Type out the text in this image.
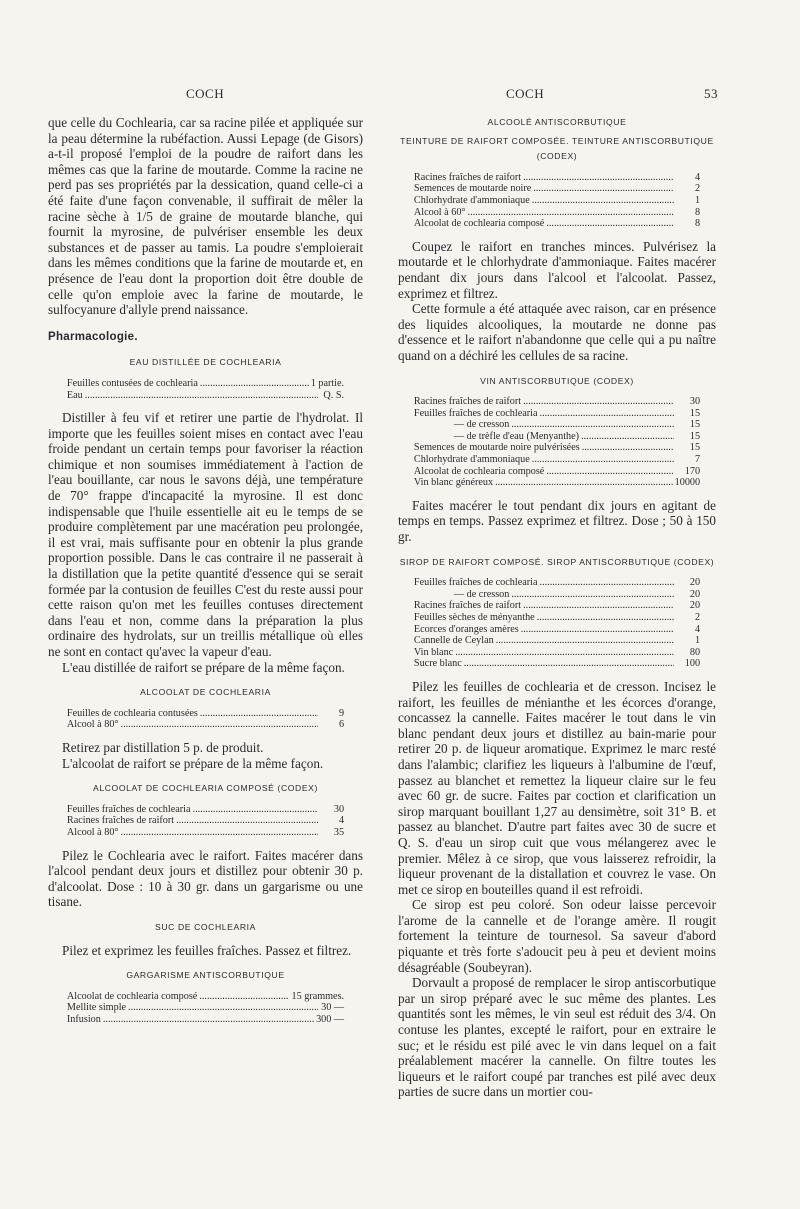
COCH	COCH	53

que celle du Cochlearia, car sa racine pilée et appliquée sur la peau détermine la rubéfaction. Aussi Lepage (de Gisors) a-t-il proposé l'emploi de la poudre de raifort dans les mêmes cas que la farine de moutarde. Comme la racine ne perd pas ses propriétés par la dessication, quand celle-ci a été faite d'une façon convenable, il suffirait de mêler la racine sèche à 1/5 de graine de moutarde blanche, qui fournit la myrosine, de pulvériser ensemble les deux substances et de passer au tamis. La poudre s'emploierait dans les mêmes conditions que la farine de moutarde et, en présence de l'eau dont la proportion doit être double de celle qu'on emploie avec la farine de moutarde, le sulfocyanure d'allyle prend naissance.

Pharmacologie.
EAU DISTILLÉE DE COCHLEARIA
Feuilles contusées de cochlearia .....	1 partie.
Eau .....	Q. S.

Distiller à feu vif et retirer une partie de l'hydrolat. Il importe que les feuilles soient mises en contact avec l'eau froide pendant un certain temps pour favoriser la réaction chimique et non soumises immédiatement à l'action de l'eau bouillante, car nous le savons déjà, une température de 70° frappe d'incapacité la myrosine. Il est donc indispensable que l'huile essentielle ait eu le temps de se produire complètement par une macération peu prolongée, il est vrai, mais suffisante pour en obtenir la plus grande proportion possible. Dans le cas contraire il ne passerait à la distillation que la petite quantité d'essence qui se serait formée par la contusion de feuilles C'est du reste aussi pour cette raison qu'on met les feuilles contuses directement dans l'eau et non, comme dans la préparation la plus ordinaire des hydrolats, sur un treillis métallique où elles ne sont en contact qu'avec la vapeur d'eau.

L'eau distillée de raifort se prépare de la même façon.

ALCOOLAT DE COCHLEARIA
Feuilles de cochlearia contusées .....	9
Alcool à 80° .....	6

Retirez par distillation 5 p. de produit.

L'alcoolat de raifort se prépare de la même façon.

ALCOOLAT DE COCHLEARIA COMPOSÉ (CODEX)
Feuilles fraîches de cochlearia .....	30
Racines fraîches de raifort .....	4
Alcool à 80° .....	35

Pilez le Cochlearia avec le raifort. Faites macérer dans l'alcool pendant deux jours et distillez pour obtenir 30 p. d'alcoolat. Dose : 10 à 30 gr. dans un gargarisme ou une tisane.

SUC DE COCHLEARIA

Pilez et exprimez les feuilles fraîches. Passez et filtrez.

GARGARISME ANTISCORBUTIQUE
Alcoolat de cochlearia composé .....	15 grammes.
Mellite simple .....	30 —
Infusion .....	300 —
ALCOOLÉ ANTISCORBUTIQUE
TEINTURE DE RAIFORT COMPOSÉE. TEINTURE ANTISCORBUTIQUE (CODEX)
Racines fraîches de raifort .....	4
Semences de moutarde noire .....	2
Chlorhydrate d'ammoniaque .....	1
Alcool à 60° .....	8
Alcoolat de cochlearia composé .....	8

Coupez le raifort en tranches minces. Pulvérisez la moutarde et le chlorhydrate d'ammoniaque. Faites macérer pendant dix jours dans l'alcool et l'alcoolat. Passez, exprimez et filtrez.

Cette formule a été attaquée avec raison, car en présence des liquides alcooliques, la moutarde ne donne pas d'essence et le raifort n'abandonne que celle qui a pu naître quand on a déchiré les cellules de sa racine.

VIN ANTISCORBUTIQUE (CODEX)
Racines fraîches de raifort .....	30
Feuilles fraîches de cochlearia .....	15
— de cresson .....	15
— de trèfle d'eau (Menyanthe) .....	15
Semences de moutarde noire pulvérisées .....	15
Chlorhydrate d'ammoniaque .....	7
Alcoolat de cochlearia composé .....	170
Vin blanc généreux .....	10000

Faites macérer le tout pendant dix jours en agitant de temps en temps. Passez exprimez et filtrez. Dose ; 50 à 150 gr.

SIROP DE RAIFORT COMPOSÉ. SIROP ANTISCORBUTIQUE (CODEX)
Feuilles fraîches de cochlearia .....	20
— de cresson .....	20
Racines fraîches de raifort .....	20
Feuilles sèches de ményanthe .....	2
Ecorces d'oranges amères .....	4
Cannelle de Ceylan .....	1
Vin blanc .....	80
Sucre blanc .....	100

Pilez les feuilles de cochlearia et de cresson. Incisez le raifort, les feuilles de ménianthe et les écorces d'orange, concassez la cannelle. Faites macérer le tout dans le vin blanc pendant deux jours et distillez au bain-marie pour retirer 20 p. de liqueur aromatique. Exprimez le marc resté dans l'alambic; clarifiez les liqueurs à l'albumine de l'œuf, passez au blanchet et remettez la liqueur claire sur le feu avec 60 gr. de sucre. Faites par coction et clarification un sirop marquant bouillant 1,27 au densimètre, soit 31° B. et passez au blanchet. D'autre part faites avec 30 de sucre et Q. S. d'eau un sirop cuit que vous mélangerez avec le premier. Mêlez à ce sirop, que vous laisserez refroidir, la liqueur provenant de la distallation et couvrez le vase. On met ce sirop en bouteilles quand il est refroidi.

Ce sirop est peu coloré. Son odeur laisse percevoir l'arome de la cannelle et de l'orange amère. Il rougit fortement la teinture de tournesol. Sa saveur d'abord piquante et très forte s'adoucit peu à peu et devient moins désagréable (Soubeyran).

Dorvault a proposé de remplacer le sirop antiscorbutique par un sirop préparé avec le suc même des plantes. Les quantités sont les mêmes, le vin seul est réduit des 3/4. On contuse les plantes, excepté le raifort, pour en extraire le suc; et le résidu est pilé avec le vin dans lequel on a fait préalablement macérer la cannelle. On filtre toutes les liqueurs et le raifort coupé par tranches est pilé avec deux parties de sucre dans un mortier cou-
